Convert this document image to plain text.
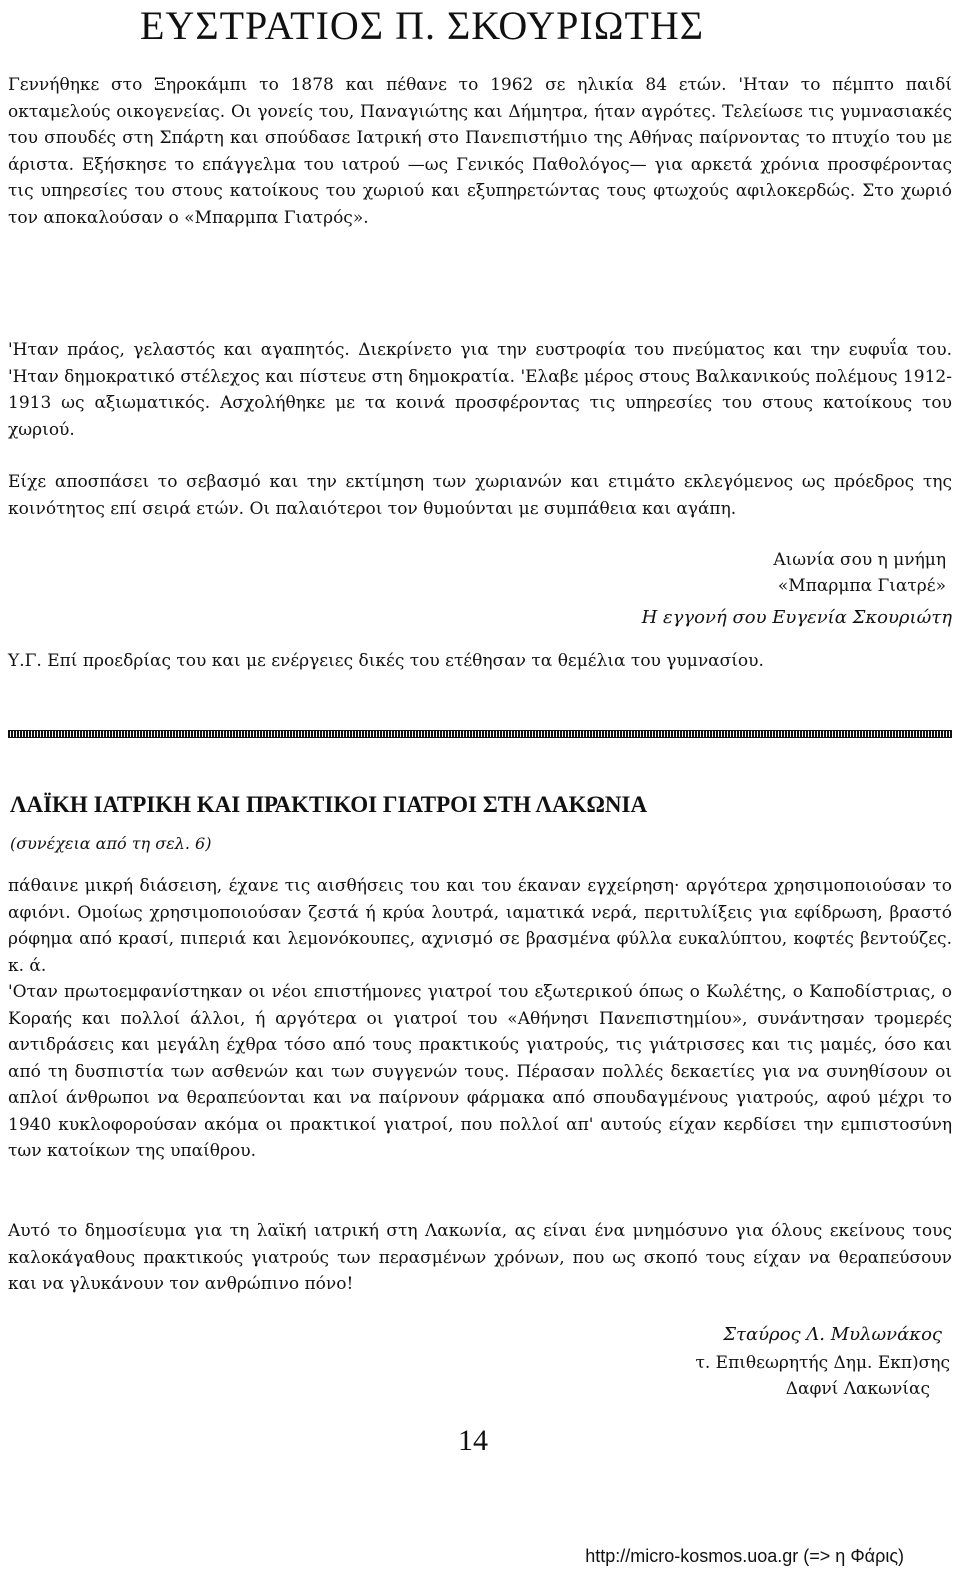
ΕΥΣΤΡΑΤΙΟΣ Π. ΣΚΟΥΡΙΩΤΗΣ

Γεννήθηκε στο Ξηροκάμπι το 1878 και πέθανε το 1962 σε ηλικία 84 ετών. 'Ηταν το πέμπτο παιδί οκταμελούς οικογενείας. Οι γονείς του, Παναγιώτης και Δήμητρα, ήταν αγρότες. Τελείωσε τις γυμνασιακές του σπουδές στη Σπάρτη και σπούδασε Ιατρική στο Πανεπιστήμιο της Αθήνας παίρνοντας το πτυχίο του με άριστα. Εξήσκησε το επάγγελμα του ιατρού —ως Γενικός Παθολόγος— για αρκετά χρόνια προσφέροντας τις υπηρεσίες του στους κατοίκους του χωριού και εξυπηρετώντας τους φτωχούς αφιλοκερδώς. Στο χωριό τον αποκαλούσαν ο «Μπαρμπα Γιατρός».

'Ηταν πράος, γελαστός και αγαπητός. Διεκρίνετο για την ευστροφία του πνεύματος και την ευφυΐα του. 'Ηταν δημοκρατικό στέλεχος και πίστευε στη δημοκρατία. 'Ελαβε μέρος στους Βαλκανικούς πολέμους 1912-1913 ως αξιωματικός. Ασχολήθηκε με τα κοινά προσφέροντας τις υπηρεσίες του στους κατοίκους του χωριού.

Είχε αποσπάσει το σεβασμό και την εκτίμηση των χωριανών και ετιμάτο εκλεγόμενος ως πρόεδρος της κοινότητος επί σειρά ετών. Οι παλαιότεροι τον θυμούνται με συμπάθεια και αγάπη.

Αιωνία σου η μνήμη

«Μπαρμπα Γιατρέ»

Η εγγονή σου Ευγενία Σκουριώτη

Υ.Γ. Επί προεδρίας του και με ενέργειες δικές του ετέθησαν τα θεμέλια του γυμνασίου.

ΛΑΪΚΗ ΙΑΤΡΙΚΗ ΚΑΙ ΠΡΑΚΤΙΚΟΙ ΓΙΑΤΡΟΙ ΣΤΗ ΛΑΚΩΝΙΑ

(συνέχεια από τη σελ. 6)

πάθαινε μικρή διάσειση, έχανε τις αισθήσεις του και του έκαναν εγχείρηση· αργότερα χρησιμοποιούσαν το αφιόνι. Ομοίως χρησιμοποιούσαν ζεστά ή κρύα λουτρά, ιαματικά νερά, περιτυλίξεις για εφίδρωση, βραστό ρόφημα από κρασί, πιπεριά και λεμονόκουπες, αχνισμό σε βρασμένα φύλλα ευκαλύπτου, κοφτές βεντούζες. κ. ά.

'Οταν πρωτοεμφανίστηκαν οι νέοι επιστήμονες γιατροί του εξωτερικού όπως ο Κωλέτης, ο Καποδίστριας, ο Κοραής και πολλοί άλλοι, ή αργότερα οι γιατροί του «Αθήνησι Πανεπιστημίου», συνάντησαν τρομερές αντιδράσεις και μεγάλη έχθρα τόσο από τους πρακτικούς γιατρούς, τις γιάτρισσες και τις μαμές, όσο και από τη δυσπιστία των ασθενών και των συγγενών τους. Πέρασαν πολλές δεκαετίες για να συνηθίσουν οι απλοί άνθρωποι να θεραπεύονται και να παίρνουν φάρμακα από σπουδαγμένους γιατρούς, αφού μέχρι το 1940 κυκλοφορούσαν ακόμα οι πρακτικοί γιατροί, που πολλοί απ' αυτούς είχαν κερδίσει την εμπιστοσύνη των κατοίκων της υπαίθρου.

Αυτό το δημοσίευμα για τη λαϊκή ιατρική στη Λακωνία, ας είναι ένα μνημόσυνο για όλους εκείνους τους καλοκάγαθους πρακτικούς γιατρούς των περασμένων χρόνων, που ως σκοπό τους είχαν να θεραπεύσουν και να γλυκάνουν τον ανθρώπινο πόνο!

Σταύρος Λ. Μυλωνάκος

τ. Επιθεωρητής Δημ. Εκπ)σης

Δαφνί Λακωνίας

14

http://micro-kosmos.uoa.gr (=> η Φάρις)
